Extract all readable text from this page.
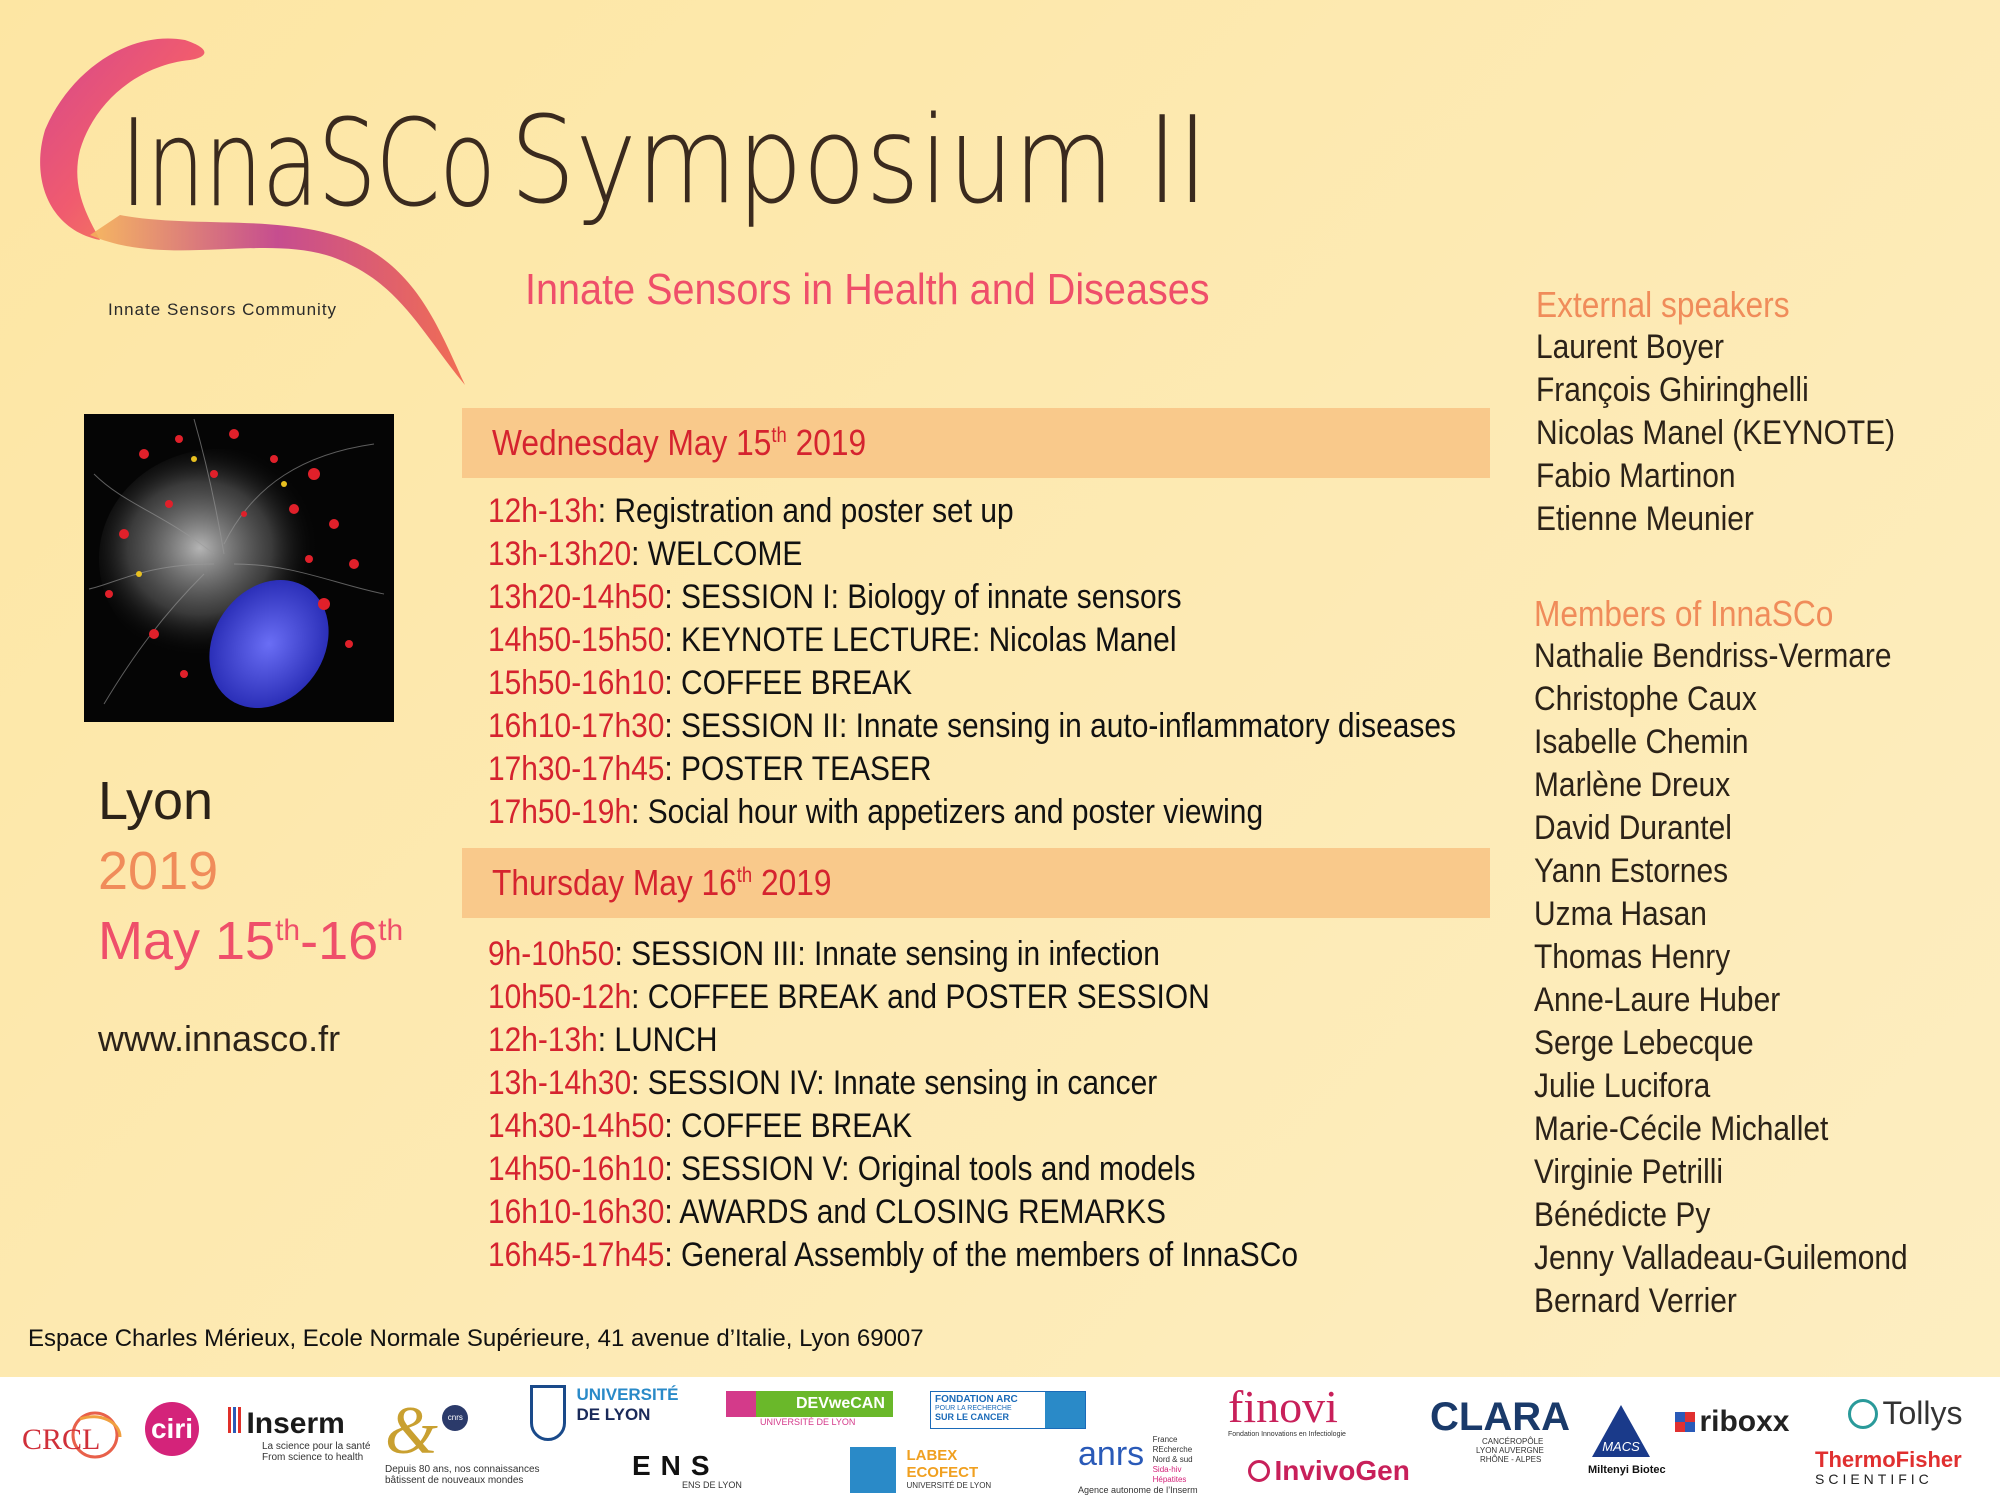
InnaSCo
Innate Sensors Community
Symposium II
Innate Sensors in Health and Diseases
Lyon
2019
May 15th-16th
www.innasco.fr
Wednesday May 15th 2019
12h-13h: Registration and poster set up
13h-13h20: WELCOME
13h20-14h50: SESSION I: Biology of innate sensors
14h50-15h50: KEYNOTE LECTURE: Nicolas Manel
15h50-16h10: COFFEE BREAK
16h10-17h30: SESSION II: Innate sensing in auto-inflammatory diseases
17h30-17h45: POSTER TEASER
17h50-19h: Social hour with appetizers and poster viewing
Thursday May 16th 2019
9h-10h50: SESSION III: Innate sensing in infection
10h50-12h: COFFEE BREAK and POSTER SESSION
12h-13h: LUNCH
13h-14h30: SESSION IV: Innate sensing in cancer
14h30-14h50: COFFEE BREAK
14h50-16h10: SESSION V: Original tools and models
16h10-16h30: AWARDS and CLOSING REMARKS
16h45-17h45: General Assembly of the members of InnaSCo
External speakers
Laurent Boyer
François Ghiringhelli
Nicolas Manel (KEYNOTE)
Fabio Martinon
Etienne Meunier
Members of InnaSCo
Nathalie Bendriss-Vermare
Christophe Caux
Isabelle Chemin
Marlène Dreux
David Durantel
Yann Estornes
Uzma Hasan
Thomas Henry
Anne-Laure Huber
Serge Lebecque
Julie Lucifora
Marie-Cécile Michallet
Virginie Petrilli
Bénédicte Py
Jenny Valladeau-Guilemond
Bernard Verrier
Espace Charles Mérieux, Ecole Normale Supérieure, 41 avenue d’Italie, Lyon 69007
CRCL ciri	Inserm
La science pour la santé
From science to health & cnrs
Depuis 80 ans, nos connaissances
bâtissent de nouveaux mondes

UNIVERSITÉ
DE LYON
ENS
ENS DE LYON
DEVweCAN
UNIVERSITÉ DE LYON

LABEX
ECOFECT
UNIVERSITÉ DE LYON
FONDATION ARC
POUR LA RECHERCHE
SUR LE CANCER
anrs France
REcherche
Nord & sud
Sida-hiv
Hépatites
Agence autonome de l’Inserm
finovi
Fondation Innovations en Infectiologie
InvivoGen
CLARA
CANCÉROPÔLE
LYON AUVERGNE
RHÔNE - ALPES
MACS
Miltenyi Biotec
riboxx	Tollys
ThermoFisher
SCIENTIFIC
